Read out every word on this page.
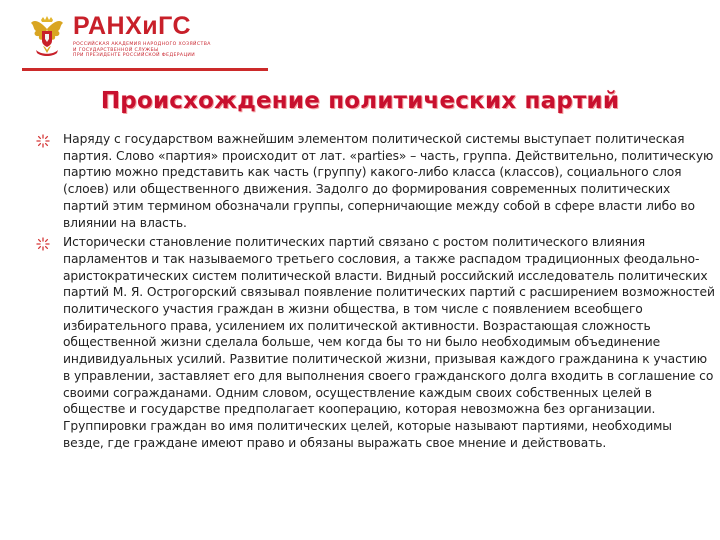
РАНХиГС
РОССИЙСКАЯ АКАДЕМИЯ НАРОДНОГО ХОЗЯЙСТВА
И ГОСУДАРСТВЕННОЙ СЛУЖБЫ
ПРИ ПРЕЗИДЕНТЕ РОССИЙСКОЙ ФЕДЕРАЦИИ
Происхождение политических партий
Наряду с государством важнейшим элементом политической системы выступает политическая партия. Слово «партия» происходит от лат. «parties» – часть, группа. Действительно, политическую партию можно представить как часть (группу) какого-либо класса (классов), социального слоя (слоев) или общественного движения. Задолго до формирования современных политических партий этим термином обозначали группы, соперничающие между собой в сфере власти либо во влиянии на власть.
Исторически становление политических партий связано с ростом политического влияния парламентов и так называемого третьего сословия, а также распадом традиционных феодально-аристократических систем политической власти. Видный российский исследователь политических партий М. Я. Острогорский связывал появление политических партий с расширением возможностей политического участия граждан в жизни общества, в том числе с появлением всеобщего избирательного права, усилением их политической активности. Возрастающая сложность общественной жизни сделала больше, чем когда бы то ни было необходимым объединение индивидуальных усилий. Развитие политической жизни, призывая каждого гражданина к участию в управлении, заставляет его для выполнения своего гражданского долга входить в соглашение со своими согражданами. Одним словом, осуществление каждым своих собственных целей в обществе и государстве предполагает кооперацию, которая невозможна без организации. Группировки граждан во имя политических целей, которые называют партиями, необходимы везде, где граждане имеют право и обязаны выражать свое мнение и действовать.
